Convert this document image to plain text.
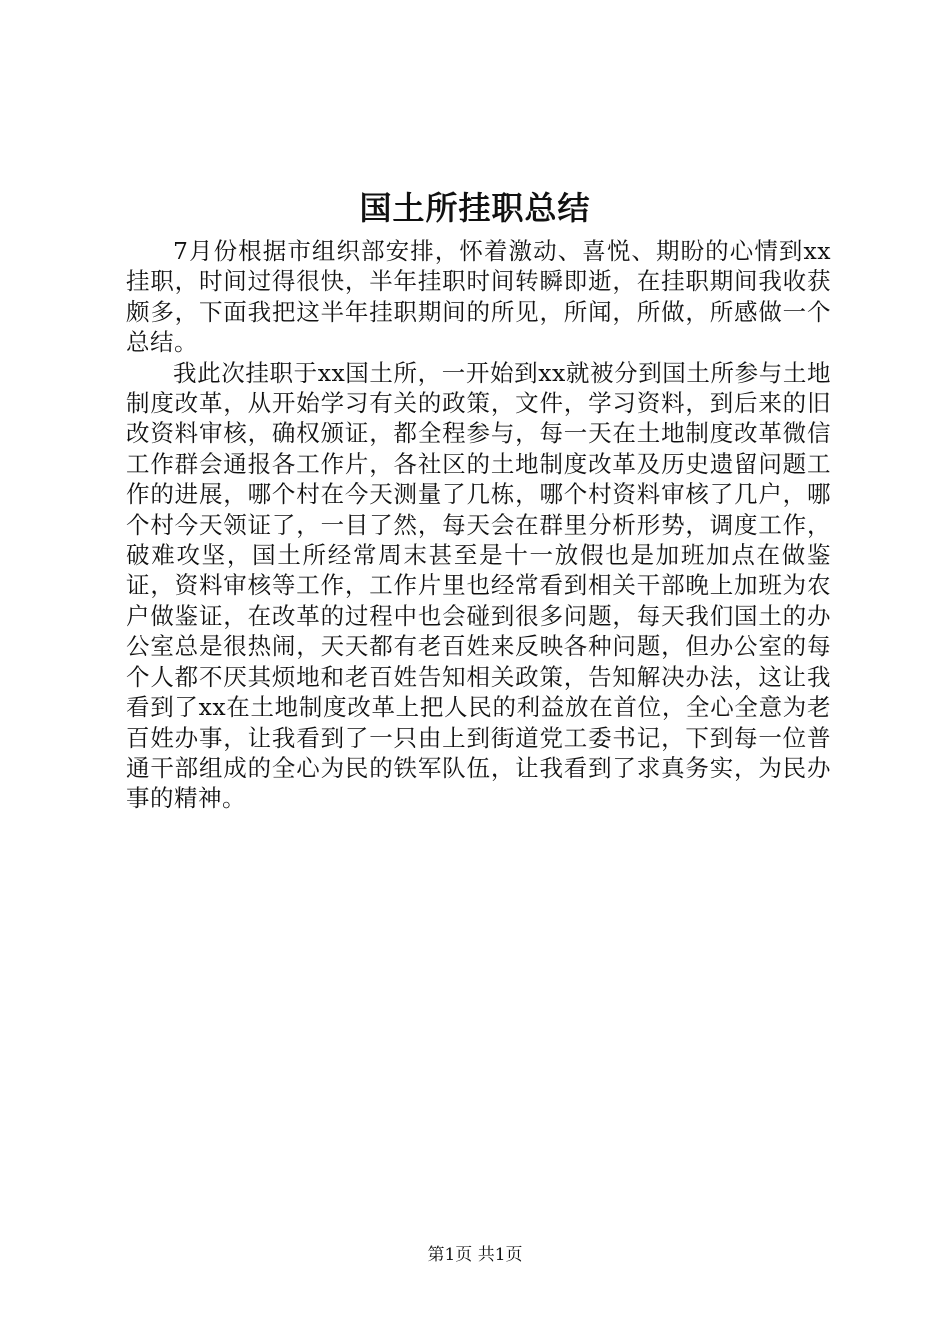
国土所挂职总结

7月份根据市组织部安排，怀着激动、喜悦、期盼的心情到xx挂职，时间过得很快，半年挂职时间转瞬即逝，在挂职期间我收获颇多，下面我把这半年挂职期间的所见，所闻，所做，所感做一个总结。

我此次挂职于xx国土所，一开始到xx就被分到国土所参与土地制度改革，从开始学习有关的政策，文件，学习资料，到后来的旧改资料审核，确权颁证，都全程参与，每一天在土地制度改革微信工作群会通报各工作片，各社区的土地制度改革及历史遗留问题工作的进展，哪个村在今天测量了几栋，哪个村资料审核了几户，哪个村今天领证了，一目了然，每天会在群里分析形势，调度工作，破难攻坚，国土所经常周末甚至是十一放假也是加班加点在做鉴证，资料审核等工作，工作片里也经常看到相关干部晚上加班为农户做鉴证，在改革的过程中也会碰到很多问题，每天我们国土的办公室总是很热闹，天天都有老百姓来反映各种问题，但办公室的每个人都不厌其烦地和老百姓告知相关政策，告知解决办法，这让我看到了xx在土地制度改革上把人民的利益放在首位，全心全意为老百姓办事，让我看到了一只由上到街道党工委书记，下到每一位普通干部组成的全心为民的铁军队伍，让我看到了求真务实，为民办事的精神。

第1页 共1页
